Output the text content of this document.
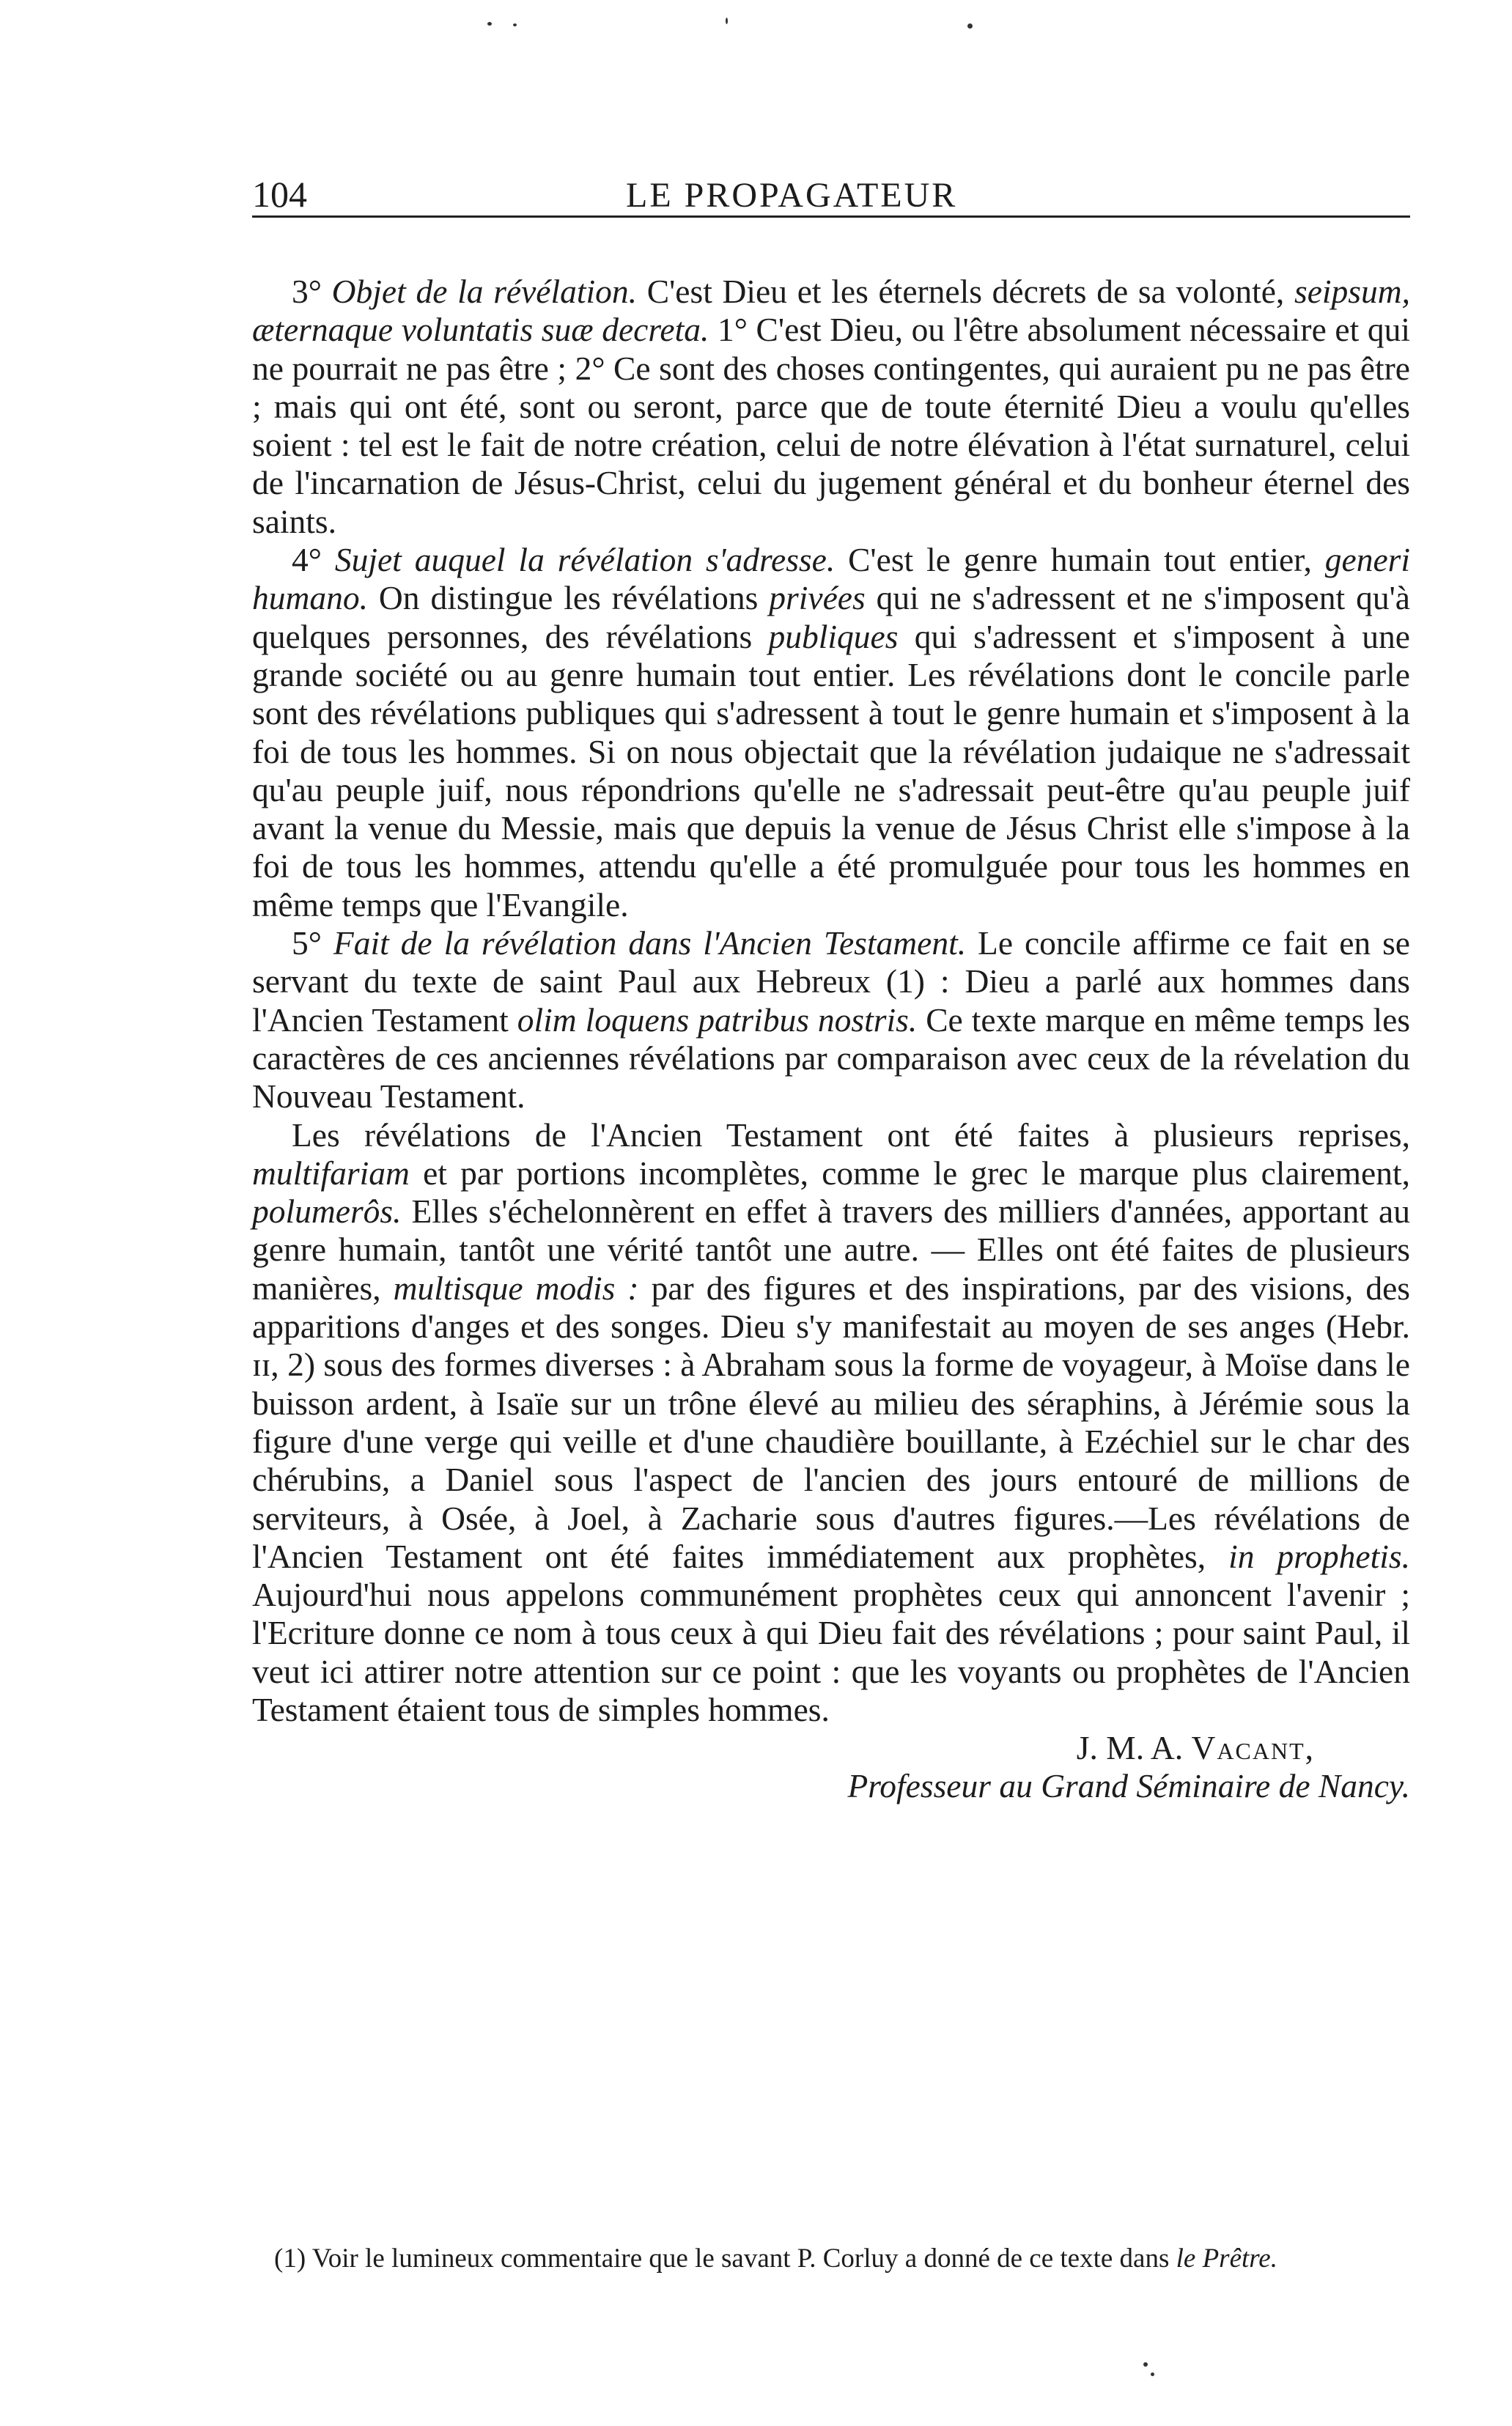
104	LE PROPAGATEUR

3° Objet de la révélation. C'est Dieu et les éternels décrets de sa volonté, seipsum, æternaque voluntatis suæ decreta. 1° C'est Dieu, ou l'être absolument nécessaire et qui ne pourrait ne pas être ; 2° Ce sont des choses contingentes, qui auraient pu ne pas être ; mais qui ont été, sont ou seront, parce que de toute éternité Dieu a voulu qu'elles soient : tel est le fait de notre création, celui de notre élévation à l'état surnaturel, celui de l'incarnation de Jésus-Christ, celui du jugement général et du bonheur éternel des saints.

4° Sujet auquel la révélation s'adresse. C'est le genre humain tout entier, generi humano. On distingue les révélations privées qui ne s'adressent et ne s'imposent qu'à quelques personnes, des révélations publiques qui s'adressent et s'imposent à une grande société ou au genre humain tout entier. Les révélations dont le concile parle sont des révélations publiques qui s'adressent à tout le genre humain et s'imposent à la foi de tous les hommes. Si on nous objectait que la révélation judaique ne s'adressait qu'au peuple juif, nous répondrions qu'elle ne s'adressait peut-être qu'au peuple juif avant la venue du Messie, mais que depuis la venue de Jésus Christ elle s'impose à la foi de tous les hommes, attendu qu'elle a été promulguée pour tous les hommes en même temps que l'Evangile.

5° Fait de la révélation dans l'Ancien Testament. Le concile affirme ce fait en se servant du texte de saint Paul aux Hebreux (1) : Dieu a parlé aux hommes dans l'Ancien Testament olim loquens patribus nostris. Ce texte marque en même temps les caractères de ces anciennes révélations par comparaison avec ceux de la révelation du Nouveau Testament.

Les révélations de l'Ancien Testament ont été faites à plusieurs reprises, multifariam et par portions incomplètes, comme le grec le marque plus clairement, polumerôs. Elles s'échelonnèrent en effet à travers des milliers d'années, apportant au genre humain, tantôt une vérité tantôt une autre. — Elles ont été faites de plusieurs manières, multisque modis : par des figures et des inspirations, par des visions, des apparitions d'anges et des songes. Dieu s'y manifestait au moyen de ses anges (Hebr. ɪɪ, 2) sous des formes diverses : à Abraham sous la forme de voyageur, à Moïse dans le buisson ardent, à Isaïe sur un trône élevé au milieu des séraphins, à Jérémie sous la figure d'une verge qui veille et d'une chaudière bouillante, à Ezéchiel sur le char des chérubins, a Daniel sous l'aspect de l'ancien des jours entouré de millions de serviteurs, à Osée, à Joel, à Zacharie sous d'autres figures.—Les révélations de l'Ancien Testament ont été faites immédiatement aux prophètes, in prophetis. Aujourd'hui nous appelons communément prophètes ceux qui annoncent l'avenir ; l'Ecriture donne ce nom à tous ceux à qui Dieu fait des révélations ; pour saint Paul, il veut ici attirer notre attention sur ce point : que les voyants ou prophètes de l'Ancien Testament étaient tous de simples hommes.

J. M. A. Vacant,
Professeur au Grand Séminaire de Nancy.
(1) Voir le lumineux commentaire que le savant P. Corluy a donné de ce texte dans le Prêtre.
